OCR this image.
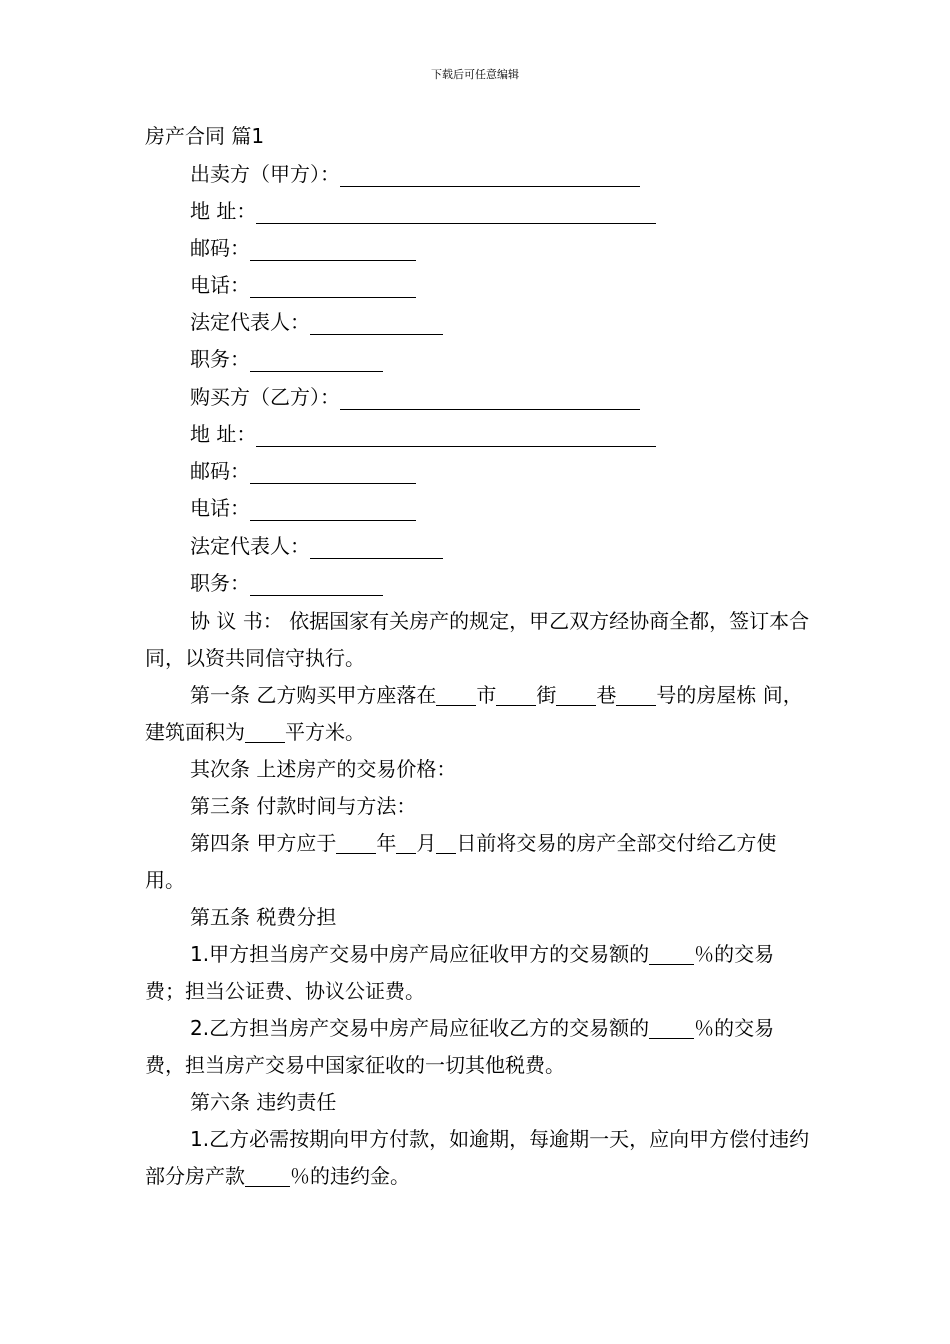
下载后可任意编辑
房产合同 篇1
出卖方（甲方）：
地 址：
邮码：
电话：
法定代表人：
职务：
购买方（乙方）：
地 址：
邮码：
电话：
法定代表人：
职务：
协 议 书： 依据国家有关房产的规定，甲乙双方经协商全都，签订本合同，以资共同信守执行。
第一条 乙方购买甲方座落在 市 街 巷 号的房屋栋 间，建筑面积为 平方米。
其次条 上述房产的交易价格：
第三条 付款时间与方法：
第四条 甲方应于 年 月 日前将交易的房产全部交付给乙方使用。
第五条 税费分担
1.甲方担当房产交易中房产局应征收甲方的交易额的 ％的交易费；担当公证费、协议公证费。
2.乙方担当房产交易中房产局应征收乙方的交易额的 ％的交易费，担当房产交易中国家征收的一切其他税费。
第六条 违约责任
1.乙方必需按期向甲方付款，如逾期，每逾期一天，应向甲方偿付违约部分房产款 ％的违约金。
